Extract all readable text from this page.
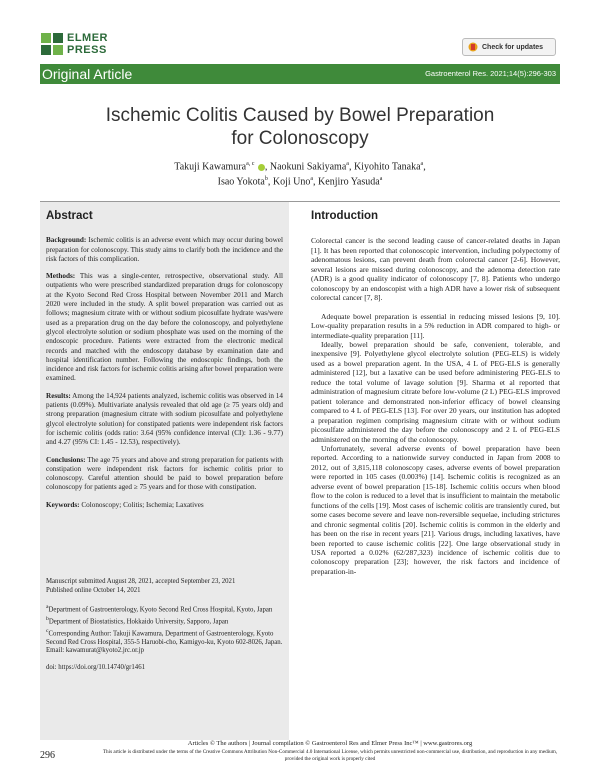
ELMER
PRESS	Check for updates
Original Article	Gastroenterol Res. 2021;14(5):296-303
Ischemic Colitis Caused by Bowel Preparation
for Colonoscopy
Takuji Kawamura$^{a, c}$ , Naokuni Sakiyama$^a$, Kiyohito Tanaka$^a$,
Isao Yokota$^b$, Koji Uno$^a$, Kenjiro Yasuda$^a$
Abstract

Background: Ischemic colitis is an adverse event which may occur during bowel preparation for colonoscopy. This study aims to clarify both the incidence and the risk factors of this complication.

Methods: This was a single-center, retrospective, observational study. All outpatients who were prescribed standardized preparation drugs for colonoscopy at the Kyoto Second Red Cross Hospital between November 2011 and March 2020 were included in the study. A split bowel preparation was carried out as follows; magnesium citrate with or without sodium picosulfate hydrate was/were used as a preparation drug on the day before the colonoscopy, and polyethylene glycol electrolyte solution or sodium phosphate was used on the morning of the endoscopic procedure. Patients were extracted from the electronic medical records and matched with the endoscopy database by examination date and hospital identification number. Following the endoscopic findings, both the incidence and risk factors for ischemic colitis arising after bowel preparation were examined.

Results: Among the 14,924 patients analyzed, ischemic colitis was observed in 14 patients (0.09%). Multivariate analysis revealed that old age (≥ 75 years old) and strong preparation (magnesium citrate with sodium picosulfate and polyethylene glycol electrolyte solution) for constipated patients were independent risk factors for ischemic colitis (odds ratio: 3.64 (95% confidence interval (CI): 1.36 - 9.77) and 4.27 (95% CI: 1.45 - 12.53), respectively).

Conclusions: The age 75 years and above and strong preparation for patients with constipation were independent risk factors for ischemic colitis prior to colonoscopy. Careful attention should be paid to bowel preparation before colonoscopy for patients aged ≥ 75 years and for those with constipation.

Keywords: Colonoscopy; Colitis; Ischemia; Laxatives

Manuscript submitted August 28, 2021, accepted September 23, 2021
Published online October 14, 2021
$^a$Department of Gastroenterology, Kyoto Second Red Cross Hospital, Kyoto, Japan
$^b$Department of Biostatistics, Hokkaido University, Sapporo, Japan
$^c$Corresponding Author: Takuji Kawamura, Department of Gastroenterology, Kyoto Second Red Cross Hospital, 355-5 Haruobi-cho, Kamigyo-ku, Kyoto 602-8026, Japan. Email: kawamurat@kyoto2.jrc.or.jp
doi: https://doi.org/10.14740/gr1461
Introduction

Colorectal cancer is the second leading cause of cancer-related deaths in Japan [1]. It has been reported that colonoscopic intervention, including polypectomy of adenomatous lesions, can prevent death from colorectal cancer [2-6]. However, several lesions are missed during colonoscopy, and the adenoma detection rate (ADR) is a good quality indicator of colonoscopy [7, 8]. Patients who undergo colonoscopy by an endoscopist with a high ADR have a lower risk of subsequent colorectal cancer [7, 8].

Adequate bowel preparation is essential in reducing missed lesions [9, 10]. Low-quality preparation results in a 5% reduction in ADR compared to high- or intermediate-quality preparation [11].

Ideally, bowel preparation should be safe, convenient, tolerable, and inexpensive [9]. Polyethylene glycol electrolyte solution (PEG-ELS) is widely used as a bowel preparation agent. In the USA, 4 L of PEG-ELS is generally administered [12], but a laxative can be used before administering PEG-ELS to reduce the total volume of lavage solution [9]. Sharma et al reported that administration of magnesium citrate before low-volume (2 L) PEG-ELS improved patient tolerance and demonstrated non-inferior efficacy of bowel cleansing compared to 4 L of PEG-ELS [13]. For over 20 years, our institution has adopted a preparation regimen comprising magnesium citrate with or without sodium picosulfate administered the day before the colonoscopy and 2 L of PEG-ELS administered on the morning of the colonoscopy.

Unfortunately, several adverse events of bowel preparation have been reported. According to a nationwide survey conducted in Japan from 2008 to 2012, out of 3,815,118 colonoscopy cases, adverse events of bowel preparation were reported in 105 cases (0.003%) [14]. Ischemic colitis is recognized as an adverse event of bowel preparation [15-18]. Ischemic colitis occurs when blood flow to the colon is reduced to a level that is insufficient to maintain the metabolic functions of the cells [19]. Most cases of ischemic colitis are transiently cured, but some cases become severe and leave non-reversible sequelae, including strictures and chronic segmental colitis [20]. Ischemic colitis is common in the elderly and has been on the rise in recent years [21]. Various drugs, including laxatives, have been reported to cause ischemic colitis [22]. One large observational study in USA reported a 0.02% (62/287,323) incidence of ischemic colitis due to colonoscopy preparation [23]; however, the risk factors and incidence of preparation-in-

296
Articles © The authors | Journal compilation © Gastroenterol Res and Elmer Press Inc™ | www.gastrores.org
This article is distributed under the terms of the Creative Commons Attribution Non-Commercial 4.0 International License, which permits unrestricted non-commercial use, distribution, and reproduction in any medium, provided the original work is properly cited
